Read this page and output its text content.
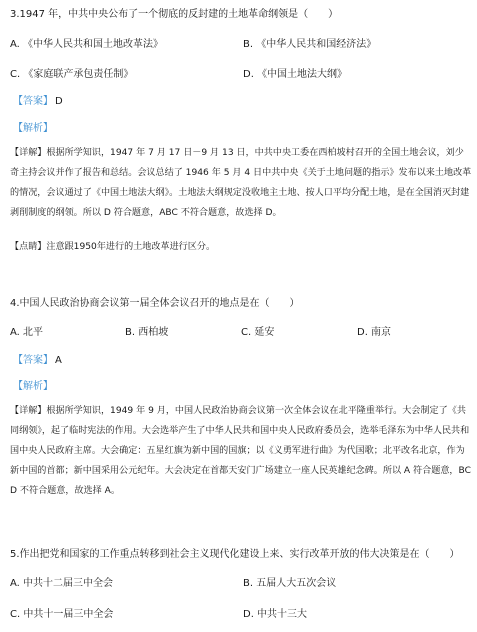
3.1947 年，中共中央公布了一个彻底的反封建的土地革命纲领是（　　）
A. 《中华人民共和国土地改革法》	B. 《中华人民共和国经济法》
C. 《家庭联产承包责任制》	D. 《中国土地法大纲》
【答案】 D
【解析】
【详解】根据所学知识，1947 年 7 月 17 日－9 月 13 日，中共中央工委在西柏坡村召开的全国土地会议，刘少奇主持会议并作了报告和总结。会议总结了 1946 年 5 月 4 日中共中央《关于土地问题的指示》发布以来土地改革的情况，会议通过了《中国土地法大纲》。土地法大纲规定没收地主土地、按人口平均分配土地，是在全国消灭封建剥削制度的纲领。所以 D 符合题意，ABC 不符合题意，故选择 D。
【点睛】注意跟1950年进行的土地改革进行区分。
4.中国人民政治协商会议第一届全体会议召开的地点是在（　　）
A. 北平	B. 西柏坡	C. 延安	D. 南京
【答案】 A
【解析】
【详解】根据所学知识，1949 年 9 月，中国人民政治协商会议第一次全体会议在北平隆重举行。大会制定了《共同纲领》，起了临时宪法的作用。大会选举产生了中华人民共和国中央人民政府委员会，选举毛泽东为中华人民共和国中央人民政府主席。大会确定：五星红旗为新中国的国旗；以《义勇军进行曲》为代国歌；北平改名北京，作为新中国的首都；新中国采用公元纪年。大会决定在首都天安门广场建立一座人民英雄纪念碑。所以 A 符合题意，BCD 不符合题意，故选择 A。
5.作出把党和国家的工作重点转移到社会主义现代化建设上来、实行改革开放的伟大决策是在（　　）
A. 中共十二届三中全会	B. 五届人大五次会议
C. 中共十一届三中全会	D. 中共十三大
